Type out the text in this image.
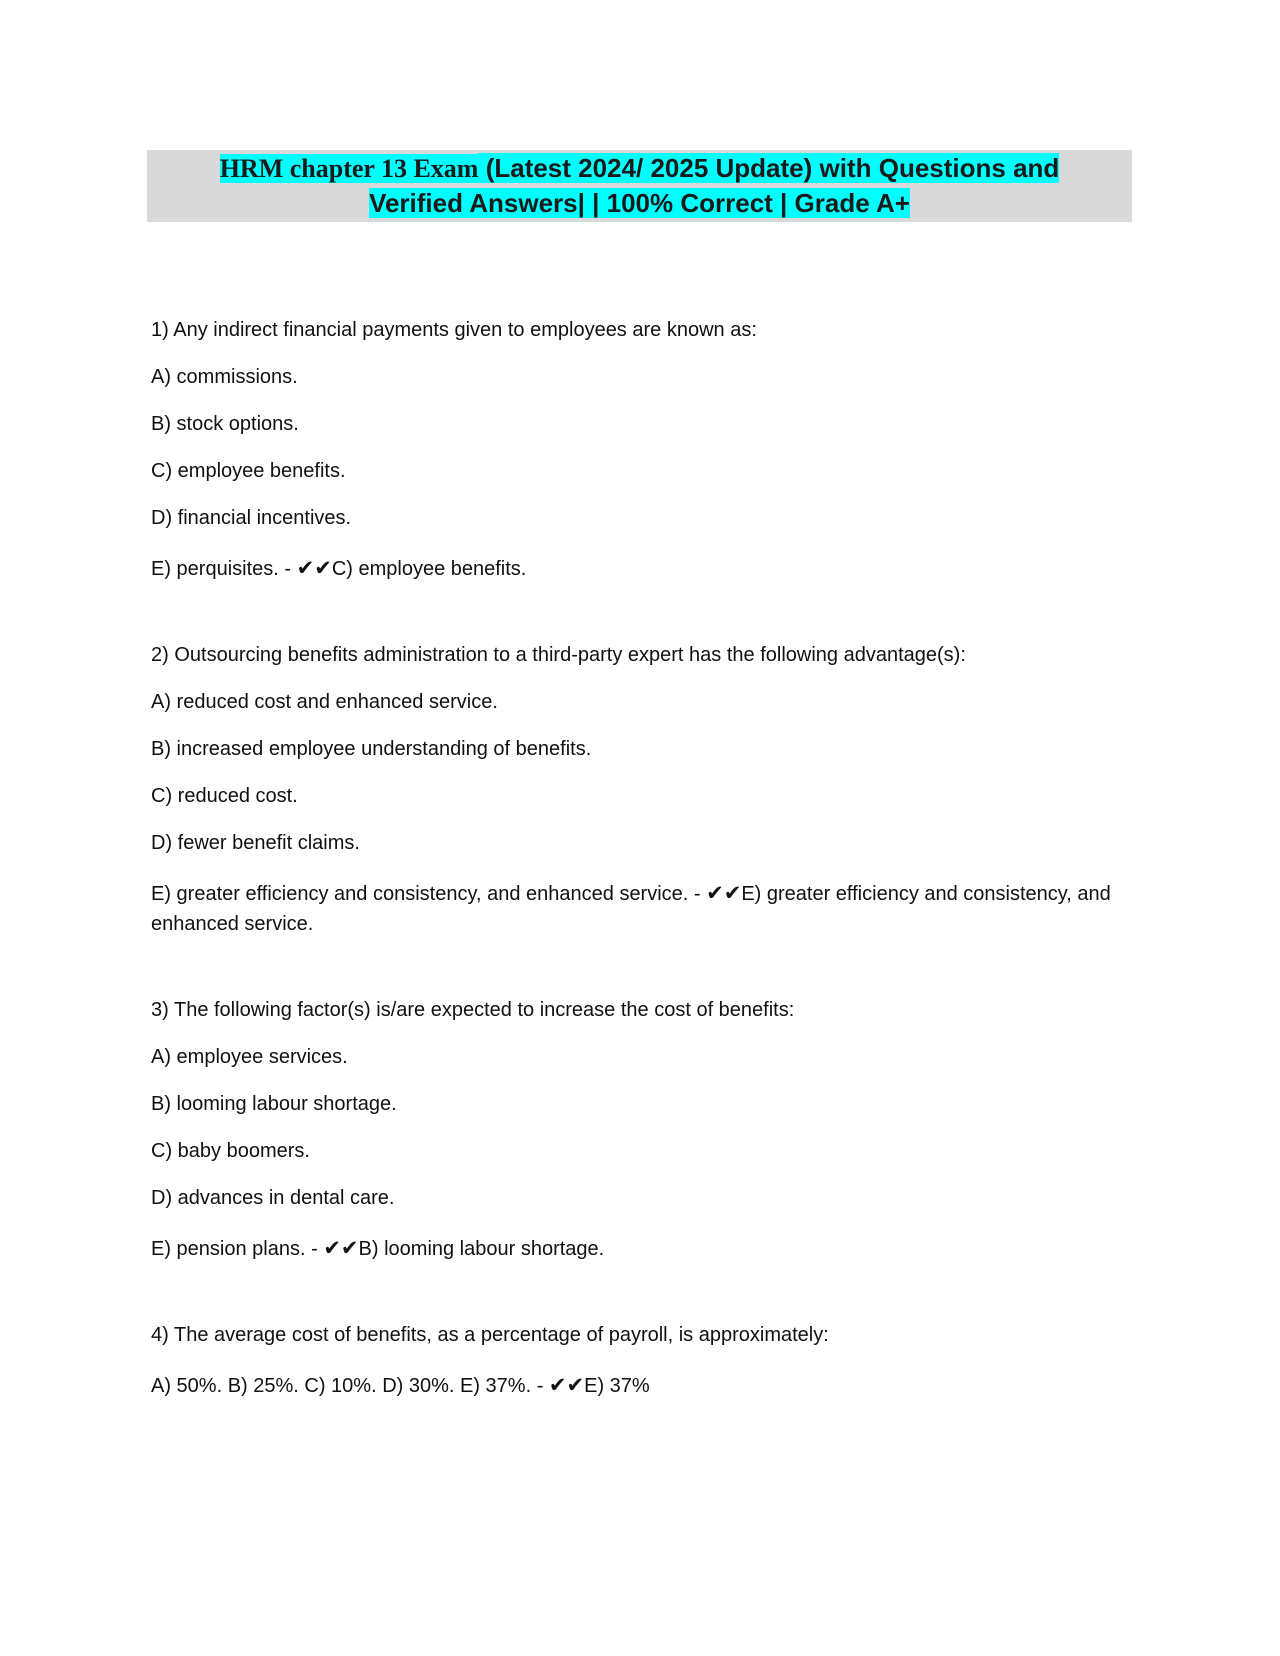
HRM chapter 13 Exam (Latest 2024/ 2025 Update) with Questions and
Verified Answers| | 100% Correct | Grade A+

1) Any indirect financial payments given to employees are known as:

A) commissions.

B) stock options.

C) employee benefits.

D) financial incentives.

E) perquisites. - ✔✔C) employee benefits.

2) Outsourcing benefits administration to a third-party expert has the following advantage(s):

A) reduced cost and enhanced service.

B) increased employee understanding of benefits.

C) reduced cost.

D) fewer benefit claims.

E) greater efficiency and consistency, and enhanced service. - ✔✔E) greater efficiency and consistency, and enhanced service.

3) The following factor(s) is/are expected to increase the cost of benefits:

A) employee services.

B) looming labour shortage.

C) baby boomers.

D) advances in dental care.

E) pension plans. - ✔✔B) looming labour shortage.

4) The average cost of benefits, as a percentage of payroll, is approximately:

A) 50%. B) 25%. C) 10%. D) 30%. E) 37%. - ✔✔E) 37%
